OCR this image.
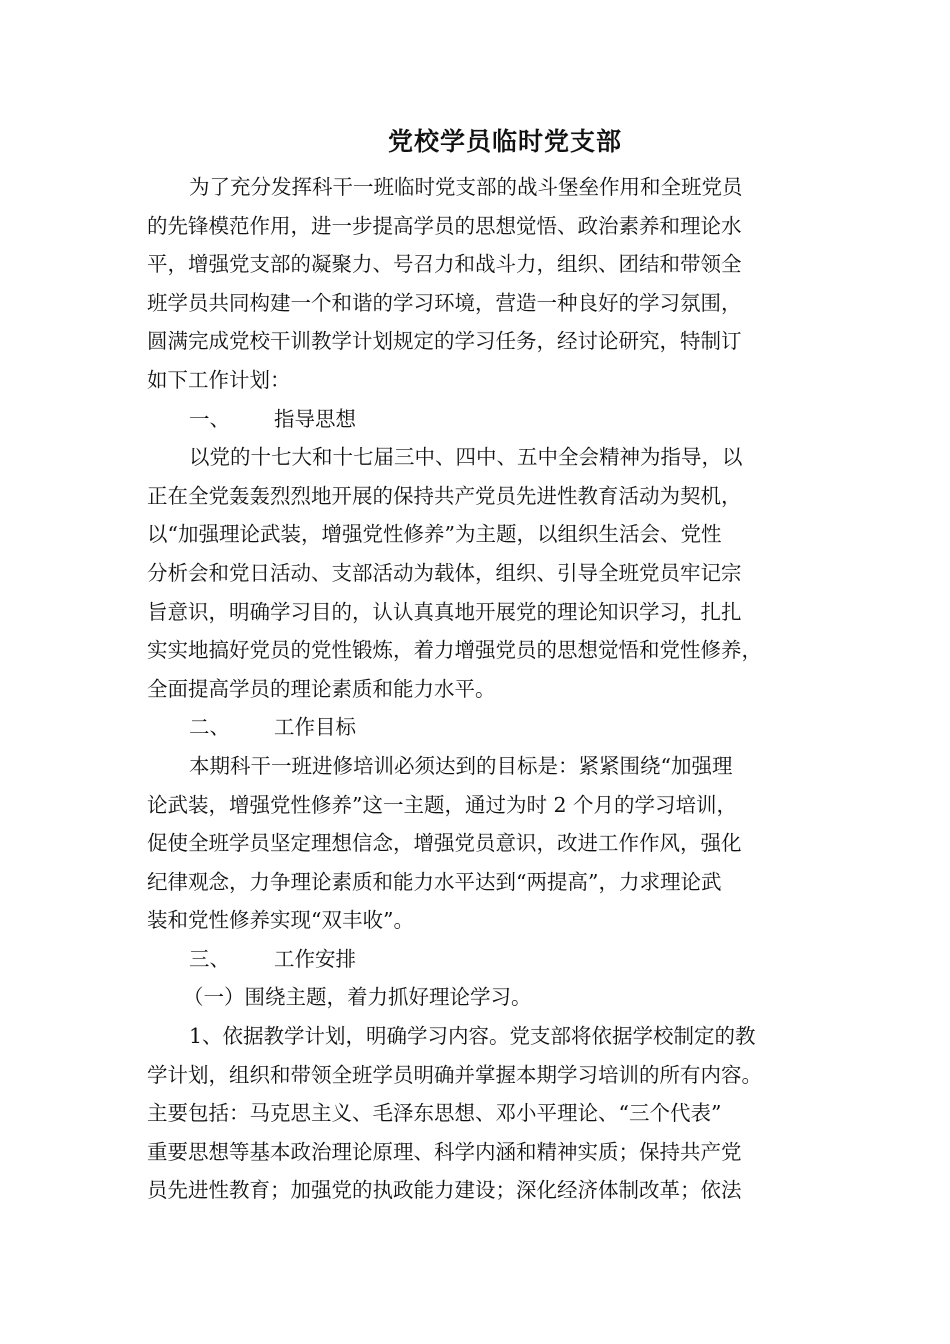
党校学员临时党支部
为了充分发挥科干一班临时党支部的战斗堡垒作用和全班党员
的先锋模范作用，进一步提高学员的思想觉悟、政治素养和理论水
平，增强党支部的凝聚力、号召力和战斗力，组织、团结和带领全
班学员共同构建一个和谐的学习环境，营造一种良好的学习氛围，
圆满完成党校干训教学计划规定的学习任务，经讨论研究，特制订
如下工作计划：
一、 指导思想
以党的十七大和十七届三中、四中、五中全会精神为指导，以
正在全党轰轰烈烈地开展的保持共产党员先进性教育活动为契机，
以“加强理论武装，增强党性修养”为主题，以组织生活会、党性
分析会和党日活动、支部活动为载体，组织、引导全班党员牢记宗
旨意识，明确学习目的，认认真真地开展党的理论知识学习，扎扎
实实地搞好党员的党性锻炼，着力增强党员的思想觉悟和党性修养，
全面提高学员的理论素质和能力水平。
二、 工作目标
本期科干一班进修培训必须达到的目标是：紧紧围绕“加强理
论武装，增强党性修养”这一主题，通过为时 2 个月的学习培训，
促使全班学员坚定理想信念，增强党员意识，改进工作作风，强化
纪律观念，力争理论素质和能力水平达到“两提高”，力求理论武
装和党性修养实现“双丰收”。
三、 工作安排
（一）围绕主题，着力抓好理论学习。
1、依据教学计划，明确学习内容。党支部将依据学校制定的教
学计划，组织和带领全班学员明确并掌握本期学习培训的所有内容。
主要包括：马克思主义、毛泽东思想、邓小平理论、“三个代表”
重要思想等基本政治理论原理、科学内涵和精神实质；保持共产党
员先进性教育；加强党的执政能力建设；深化经济体制改革；依法
